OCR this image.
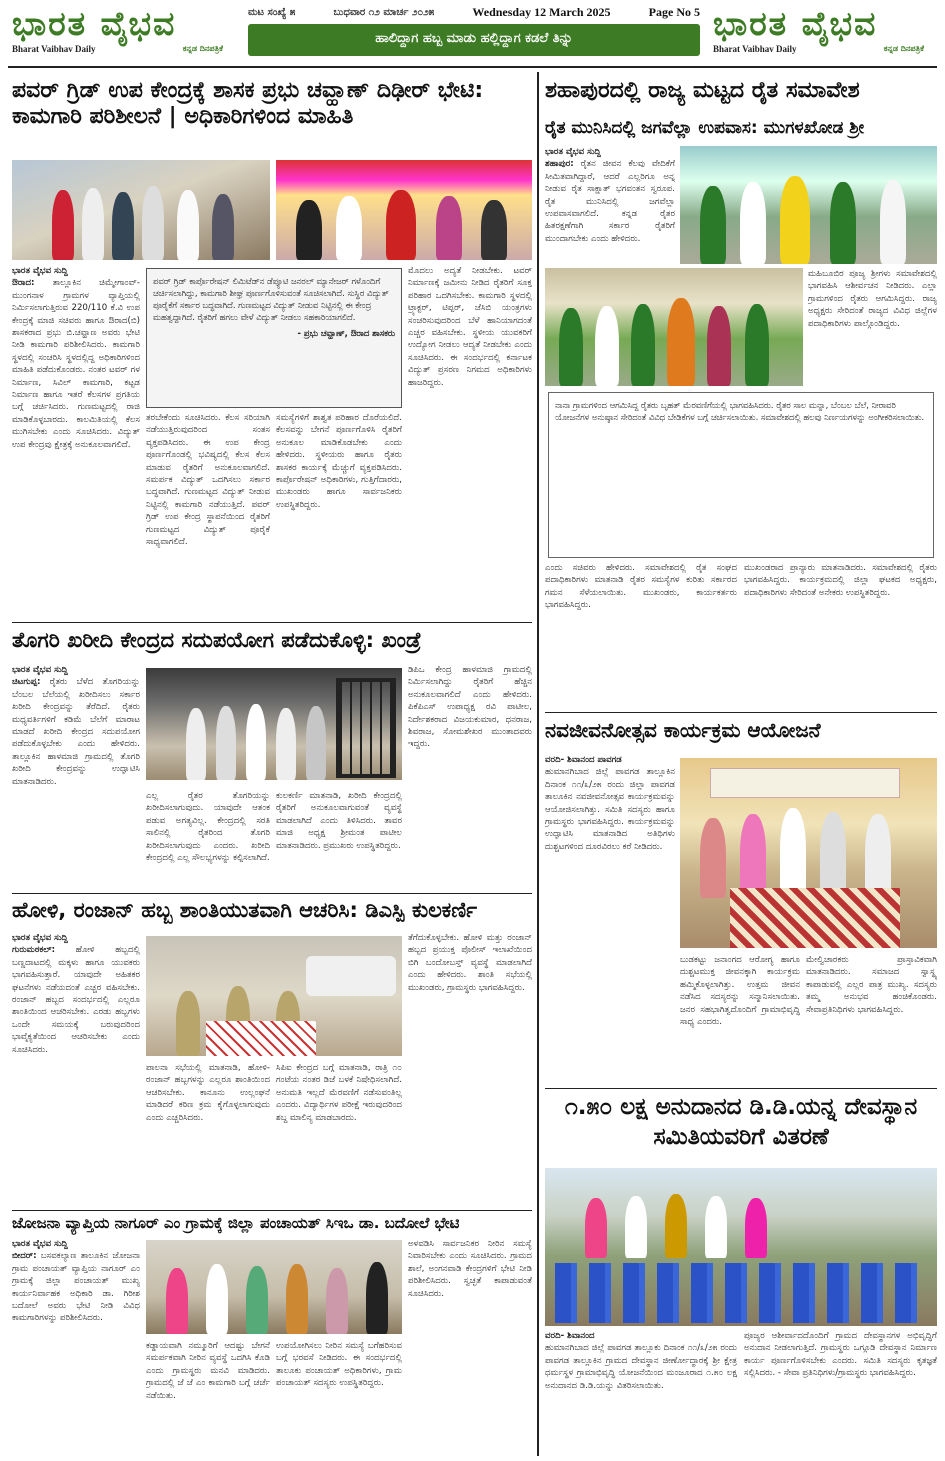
ಭಾರತ ವೈಭವ
Bharat Vaibhav Daily	ಕನ್ನಡ ದಿನಪತ್ರಿಕೆ
ಮಟ ಸಂಖ್ಯೆ ೫	ಬುಧವಾರ ೧೨ ಮಾರ್ಚ ೨೦೨೫	Wednesday 12 March 2025	Page No 5
ಹಾಲಿದ್ದಾಗ ಹಬ್ಬ ಮಾಡು ಹಲ್ಲಿದ್ದಾಗ ಕಡಲೆ ತಿನ್ನು	ಭಾರತ ವೈಭವ
Bharat Vaibhav Daily	ಕನ್ನಡ ದಿನಪತ್ರಿಕೆ
ಪವರ್ ಗ್ರಿಡ್ ಉಪ ಕೇಂದ್ರಕ್ಕೆ ಶಾಸಕ ಪ್ರಭು ಚವ್ಹಾಣ್ ದಿಢೀರ್ ಭೇಟಿ: ಕಾಮಗಾರಿ ಪರಿಶೀಲನೆ | ಅಧಿಕಾರಿಗಳಿಂದ ಮಾಹಿತಿ
ಭಾರತ ವೈಭವ ಸುದ್ದಿ
ಔರಾದ: ತಾಲ್ಲೂಕಿನ ಚಿಮ್ಮೇಗಾಂವ್-ಮುಂಗನಾಳ ಗ್ರಾಮಗಳ ವ್ಯಾಪ್ತಿಯಲ್ಲಿ ನಿರ್ಮಿಸಲಾಗುತ್ತಿರುವ 220/110 ಕೆ.ವಿ ಉಪ ಕೇಂದ್ರಕ್ಕೆ ಮಾಜಿ ಸಚಿವರು ಹಾಗೂ ಔರಾದ(ಬಿ) ಶಾಸಕರಾದ ಪ್ರಭು ಬಿ.ಚವ್ಹಾಣ ಅವರು ಭೇಟಿ ನೀಡಿ ಕಾಮಗಾರಿ ಪರಿಶೀಲಿಸಿದರು. ಕಾಮಗಾರಿ ಸ್ಥಳದಲ್ಲಿ ಸಂಚರಿಸಿ ಸ್ಥಳದಲ್ಲಿದ್ದ ಅಧಿಕಾರಿಗಳಿಂದ ಮಾಹಿತಿ ಪಡೆದುಕೊಂಡರು. ನಂತರ ಟವರ್ ಗಳ ನಿರ್ಮಾಣ, ಸಿವಿಲ್ ಕಾಮಗಾರಿ, ಕಟ್ಟಡ ನಿರ್ಮಾಣ ಹಾಗೂ ಇತರೆ ಕೆಲಸಗಳ ಪ್ರಗತಿಯ ಬಗ್ಗೆ ಚರ್ಚಿಸಿದರು. ಗುಣಮಟ್ಟದಲ್ಲಿ ರಾಜಿ ಮಾಡಿಕೊಳ್ಳಬಾರದು. ಕಾಲಮಿತಿಯಲ್ಲಿ ಕೆಲಸ ಮುಗಿಸಬೇಕು ಎಂದು ಸೂಚಿಸಿದರು. ವಿದ್ಯುತ್ ಉಪ ಕೇಂದ್ರವು ಕ್ಷೇತ್ರಕ್ಕೆ ಅನುಕೂಲವಾಗಲಿದೆ.
ಪವರ್ ಗ್ರಿಡ್ ಕಾರ್ಪೊರೇಷನ್ ಲಿಮಿಟೆಡ್‌ನ ಡೆಪ್ಯೂಟಿ ಜನರಲ್ ಮ್ಯಾನೇಜರ್ ಗಳೊಂದಿಗೆ ಚರ್ಚಿಸಲಾಗಿದ್ದು, ಕಾಮಗಾರಿ ಶೀಘ್ರ ಪೂರ್ಣಗೊಳಿಸುವಂತೆ ಸೂಚಿಸಲಾಗಿದೆ. ಸುಸ್ಥಿರ ವಿದ್ಯುತ್ ಪೂರೈಕೆಗೆ ಸರ್ಕಾರ ಬದ್ಧವಾಗಿದೆ. ಗುಣಮಟ್ಟದ ವಿದ್ಯುತ್ ನೀಡುವ ನಿಟ್ಟಿನಲ್ಲಿ ಈ ಕೇಂದ್ರ ಮಹತ್ವದ್ದಾಗಿದೆ. ರೈತರಿಗೆ ಹಗಲು ವೇಳೆ ವಿದ್ಯುತ್ ನೀಡಲು ಸಹಕಾರಿಯಾಗಲಿದೆ.
- ಪ್ರಭು ಚವ್ಹಾಣ್, ಔರಾದ ಶಾಸಕರು
ತರಬೇಕೆಂದು ಸೂಚಿಸಿದರು. ಕೆಲಸ ಸರಿಯಾಗಿ ನಡೆಯುತ್ತಿರುವುದರಿಂದ ಸಂತಸ ವ್ಯಕ್ತಪಡಿಸಿದರು. ಈ ಉಪ ಕೇಂದ್ರ ಪೂರ್ಣಗೊಂಡಲ್ಲಿ ಭವಿಷ್ಯದಲ್ಲಿ ಕೆಲಸ ಕೆಲಸ ಮಾಡುವ ರೈತರಿಗೆ ಅನುಕೂಲವಾಗಲಿದೆ. ಸಮರ್ಪಕ ವಿದ್ಯುತ್ ಒದಗಿಸಲು ಸರ್ಕಾರ ಬದ್ಧವಾಗಿದೆ. ಗುಣಮಟ್ಟದ ವಿದ್ಯುತ್ ನೀಡುವ ನಿಟ್ಟಿನಲ್ಲಿ ಕಾಮಗಾರಿ ನಡೆಯುತ್ತಿದೆ. ಪವರ್ ಗ್ರಿಡ್ ಉಪ ಕೇಂದ್ರ ಸ್ಥಾಪನೆಯಿಂದ ರೈತರಿಗೆ ಗುಣಮಟ್ಟದ ವಿದ್ಯುತ್ ಪೂರೈಕೆ ಸಾಧ್ಯವಾಗಲಿದೆ.
ಸಮಸ್ಯೆಗಳಿಗೆ ಶಾಶ್ವತ ಪರಿಹಾರ ದೊರೆಯಲಿದೆ. ಕೆಲಸವನ್ನು ಬೇಗನೆ ಪೂರ್ಣಗೊಳಿಸಿ ರೈತರಿಗೆ ಅನುಕೂಲ ಮಾಡಿಕೊಡಬೇಕು ಎಂದು ಹೇಳಿದರು. ಸ್ಥಳೀಯರು ಹಾಗೂ ರೈತರು ಶಾಸಕರ ಕಾರ್ಯಕ್ಕೆ ಮೆಚ್ಚುಗೆ ವ್ಯಕ್ತಪಡಿಸಿದರು. ಕಾರ್ಪೊರೇಷನ್ ಅಧಿಕಾರಿಗಳು, ಗುತ್ತಿಗೆದಾರರು, ಮುಖಂಡರು ಹಾಗೂ ಸಾರ್ವಜನಿಕರು ಉಪಸ್ಥಿತರಿದ್ದರು.
ಮೊದಲು ಅದ್ಯತೆ ನೀಡಬೇಕು. ಟವರ್ ನಿರ್ಮಾಣಕ್ಕೆ ಜಮೀನು ನೀಡಿದ ರೈತರಿಗೆ ಸೂಕ್ತ ಪರಿಹಾರ ಒದಗಿಸಬೇಕು. ಕಾಮಗಾರಿ ಸ್ಥಳದಲ್ಲಿ ಟ್ರ್ಯಾಕ್ಟರ್, ಟಿಪ್ಪರ್, ಜೆಸಿಬಿ ಯಂತ್ರಗಳು ಸಂಚರಿಸುವುದರಿಂದ ಬೆಳೆ ಹಾನಿಯಾಗದಂತೆ ಎಚ್ಚರ ವಹಿಸಬೇಕು. ಸ್ಥಳೀಯ ಯುವಕರಿಗೆ ಉದ್ಯೋಗ ನೀಡಲು ಆದ್ಯತೆ ನೀಡಬೇಕು ಎಂದು ಸೂಚಿಸಿದರು. ಈ ಸಂದರ್ಭದಲ್ಲಿ ಕರ್ನಾಟಕ ವಿದ್ಯುತ್ ಪ್ರಸರಣ ನಿಗಮದ ಅಧಿಕಾರಿಗಳು ಹಾಜರಿದ್ದರು.
ತೊಗರಿ ಖರೀದಿ ಕೇಂದ್ರದ ಸದುಪಯೋಗ ಪಡೆದುಕೊಳ್ಳಿ: ಖಂಡ್ರೆ
ಭಾರತ ವೈಭವ ಸುದ್ದಿ
ಚಿಟಗುಪ್ಪ: ರೈತರು ಬೆಳೆದ ತೊಗರಿಯನ್ನು ಬೆಂಬಲ ಬೆಲೆಯಲ್ಲಿ ಖರೀದಿಸಲು ಸರ್ಕಾರ ಖರೀದಿ ಕೇಂದ್ರವನ್ನು ತೆರೆದಿದೆ. ರೈತರು ಮಧ್ಯವರ್ತಿಗಳಿಗೆ ಕಡಿಮೆ ಬೆಲೆಗೆ ಮಾರಾಟ ಮಾಡದೆ ಖರೀದಿ ಕೇಂದ್ರದ ಸದುಪಯೋಗ ಪಡೆದುಕೊಳ್ಳಬೇಕು ಎಂದು ಹೇಳಿದರು. ತಾಲ್ಲೂಕಿನ ಹಾಳಮಾಜಿ ಗ್ರಾಮದಲ್ಲಿ ತೊಗರಿ ಖರೀದಿ ಕೇಂದ್ರವನ್ನು ಉದ್ಘಾಟಿಸಿ ಮಾತನಾಡಿದರು.
ಎಲ್ಲ ರೈತರ ತೊಗರಿಯನ್ನು ಖರೀದಿಸಲಾಗುವುದು. ಯಾವುದೇ ಆತಂಕ ಪಡುವ ಅಗತ್ಯವಿಲ್ಲ. ಕೇಂದ್ರದಲ್ಲಿ ಸರತಿ ಸಾಲಿನಲ್ಲಿ ರೈತರಿಂದ ತೊಗರಿ ಖರೀದಿಸಲಾಗುವುದು ಎಂದರು. ಖರೀದಿ ಕೇಂದ್ರದಲ್ಲಿ ಎಲ್ಲ ಸೌಲಭ್ಯಗಳನ್ನು ಕಲ್ಪಿಸಲಾಗಿದೆ.
ಕುಲಕರ್ಣಿ ಮಾತನಾಡಿ, ಖರೀದಿ ಕೇಂದ್ರದಲ್ಲಿ ರೈತರಿಗೆ ಅನುಕೂಲವಾಗುವಂತೆ ವ್ಯವಸ್ಥೆ ಮಾಡಲಾಗಿದೆ ಎಂದು ತಿಳಿಸಿದರು. ತಾವರ ಮಾಜಿ ಅಧ್ಯಕ್ಷ ಶ್ರೀಮಂತ ಪಾಟೀಲ ಮಾತನಾಡಿದರು. ಪ್ರಮುಖರು ಉಪಸ್ಥಿತರಿದ್ದರು.
ಡಿಪಿಒ ಕೇಂದ್ರ ಹಾಳಮಾಜಿ ಗ್ರಾಮದಲ್ಲಿ ನಿರ್ಮಿಸಲಾಗಿದ್ದು ರೈತರಿಗೆ ಹೆಚ್ಚಿನ ಅನುಕೂಲವಾಗಲಿದೆ ಎಂದು ಹೇಳಿದರು. ಪಿಕೆಪಿಎಸ್ ಉಪಾಧ್ಯಕ್ಷ ರವಿ ಪಾಟೀಲ, ನಿರ್ದೇಶಕರಾದ ವಿಜಯಕುಮಾರ, ಧನರಾಜ, ಶಿವರಾಜ, ಸೋಮಶೇಖರ ಮುಂತಾದವರು ಇದ್ದರು.
ಹೋಳಿ, ರಂಜಾನ್ ಹಬ್ಬ ಶಾಂತಿಯುತವಾಗಿ ಆಚರಿಸಿ: ಡಿಎಸ್ಪಿ ಕುಲಕರ್ಣಿ
ಭಾರತ ವೈಭವ ಸುದ್ದಿ
ಗುರುಮಠಕಲ್: ಹೋಳಿ ಹಬ್ಬದಲ್ಲಿ ಬಣ್ಣದಾಟದಲ್ಲಿ ಮಕ್ಕಳು ಹಾಗೂ ಯುವಕರು ಭಾಗವಹಿಸುತ್ತಾರೆ. ಯಾವುದೇ ಅಹಿತಕರ ಘಟನೆಗಳು ನಡೆಯದಂತೆ ಎಚ್ಚರ ವಹಿಸಬೇಕು. ರಂಜಾನ್ ಹಬ್ಬದ ಸಂದರ್ಭದಲ್ಲಿ ಎಲ್ಲರೂ ಶಾಂತಿಯಿಂದ ಆಚರಿಸಬೇಕು. ಎರಡು ಹಬ್ಬಗಳು ಒಂದೇ ಸಮಯಕ್ಕೆ ಬರುವುದರಿಂದ ಭಾವೈಕ್ಯತೆಯಿಂದ ಆಚರಿಸಬೇಕು ಎಂದು ಸೂಚಿಸಿದರು.
ಪಾಲನಾ ಸಭೆಯಲ್ಲಿ ಮಾತನಾಡಿ, ಹೋಳಿ-ರಂಜಾನ್ ಹಬ್ಬಗಳನ್ನು ಎಲ್ಲರೂ ಶಾಂತಿಯಿಂದ ಆಚರಿಸಬೇಕು. ಕಾನೂನು ಉಲ್ಲಂಘನೆ ಮಾಡಿದರೆ ಕಠಿಣ ಕ್ರಮ ಕೈಗೊಳ್ಳಲಾಗುವುದು ಎಂದು ಎಚ್ಚರಿಸಿದರು.
ಸಿಪಿಐ ಕೇಂದ್ರದ ಬಗ್ಗೆ ಮಾತನಾಡಿ, ರಾತ್ರಿ ೧೦ ಗಂಟೆಯ ನಂತರ ಡಿಜೆ ಬಳಕೆ ನಿಷೇಧಿಸಲಾಗಿದೆ. ಅನುಮತಿ ಇಲ್ಲದೆ ಮೆರವಣಿಗೆ ನಡೆಸುವಂತಿಲ್ಲ ಎಂದರು. ವಿದ್ಯಾರ್ಥಿಗಳ ಪರೀಕ್ಷೆ ಇರುವುದರಿಂದ ಶಬ್ದ ಮಾಲಿನ್ಯ ಮಾಡಬಾರದು.
ತೆಗೆದುಕೊಳ್ಳಬೇಕು. ಹೋಳಿ ಮತ್ತು ರಂಜಾನ್ ಹಬ್ಬದ ಪ್ರಯುಕ್ತ ಪೊಲೀಸ್ ಇಲಾಖೆಯಿಂದ ಬಿಗಿ ಬಂದೋಬಸ್ತ್ ವ್ಯವಸ್ಥೆ ಮಾಡಲಾಗಿದೆ ಎಂದು ಹೇಳಿದರು. ಶಾಂತಿ ಸಭೆಯಲ್ಲಿ ಮುಖಂಡರು, ಗ್ರಾಮಸ್ಥರು ಭಾಗವಹಿಸಿದ್ದರು.
ಜೋಜನಾ ವ್ಯಾಪ್ತಿಯ ನಾಗೂರ್ ಎಂ ಗ್ರಾಮಕ್ಕೆ ಜಿಲ್ಲಾ ಪಂಚಾಯತ್ ಸಿಇಒ ಡಾ. ಬದೋಲೆ ಭೇಟಿ
ಭಾರತ ವೈಭವ ಸುದ್ದಿ
ಬೀದರ್: ಬಸವಕಲ್ಯಾಣ ತಾಲೂಕಿನ ಜೋಜನಾ ಗ್ರಾಮ ಪಂಚಾಯತ್ ವ್ಯಾಪ್ತಿಯ ನಾಗೂರ್ ಎಂ ಗ್ರಾಮಕ್ಕೆ ಜಿಲ್ಲಾ ಪಂಚಾಯತ್ ಮುಖ್ಯ ಕಾರ್ಯನಿರ್ವಾಹಕ ಅಧಿಕಾರಿ ಡಾ. ಗಿರೀಶ ಬದೋಲೆ ಅವರು ಭೇಟಿ ನೀಡಿ ವಿವಿಧ ಕಾಮಗಾರಿಗಳನ್ನು ಪರಿಶೀಲಿಸಿದರು.
ಕಡ್ಡಾಯವಾಗಿ ನಮ್ಮೂರಿಗೆ ಆದಷ್ಟು ಬೇಗನೆ ಸಮರ್ಪಕವಾಗಿ ನೀರಿನ ವ್ಯವಸ್ಥೆ ಒದಗಿಸಿ ಕೊಡಿ ಎಂದು ಗ್ರಾಮಸ್ಥರು ಮನವಿ ಮಾಡಿದರು. ಗ್ರಾಮದಲ್ಲಿ ಜೆ ಜೆ ಎಂ ಕಾಮಗಾರಿ ಬಗ್ಗೆ ಚರ್ಚೆ ನಡೆಯಿತು.
ಉಪಯೋಗಿಸಲು ನೀರಿನ ಸಮಸ್ಯೆ ಬಗೆಹರಿಸುವ ಬಗ್ಗೆ ಭರವಸೆ ನೀಡಿದರು. ಈ ಸಂದರ್ಭದಲ್ಲಿ ತಾಲೂಕು ಪಂಚಾಯತ್ ಅಧಿಕಾರಿಗಳು, ಗ್ರಾಮ ಪಂಚಾಯತ್ ಸದಸ್ಯರು ಉಪಸ್ಥಿತರಿದ್ದರು.
ಅಳವಡಿಸಿ ಸಾರ್ವಜನಿಕರ ನೀರಿನ ಸಮಸ್ಯೆ ನಿವಾರಿಸಬೇಕು ಎಂದು ಸೂಚಿಸಿದರು. ಗ್ರಾಮದ ಶಾಲೆ, ಅಂಗನವಾಡಿ ಕೇಂದ್ರಗಳಿಗೆ ಭೇಟಿ ನೀಡಿ ಪರಿಶೀಲಿಸಿದರು. ಸ್ವಚ್ಛತೆ ಕಾಪಾಡುವಂತೆ ಸೂಚಿಸಿದರು.
ಶಹಾಪುರದಲ್ಲಿ ರಾಜ್ಯ ಮಟ್ಟದ ರೈತ ಸಮಾವೇಶ
ರೈತ ಮುನಿಸಿದಲ್ಲಿ ಜಗವೆಲ್ಲಾ ಉಪವಾಸ: ಮುಗಳಖೋಡ ಶ್ರೀ
ಭಾರತ ವೈಭವ ಸುದ್ದಿ
ಶಹಾಪುರ: ರೈತನ ಜೀವನ ಕೆಲವು ವೇದಿಕೆಗೆ ಸೀಮಿತವಾಗಿದ್ದಾರೆ, ಆದರೆ ಎಲ್ಲರಿಗೂ ಅನ್ನ ನೀಡುವ ರೈತ ಸಾಕ್ಷಾತ್ ಭಗವಂತನ ಸ್ವರೂಪ. ರೈತ ಮುನಿಸಿದಲ್ಲಿ ಜಗವೆಲ್ಲಾ ಉಪವಾಸವಾಗಲಿದೆ. ಕನ್ನಡ ರೈತರ ಹಿತರಕ್ಷಣೆಗಾಗಿ ಸರ್ಕಾರ ರೈತರಿಗೆ ಮುಂದಾಗಬೇಕು ಎಂದು ಹೇಳಿದರು.
ಮಹಿಬೂಬಿರ ಪೂಜ್ಯ ಶ್ರೀಗಳು ಸಮಾವೇಶದಲ್ಲಿ ಭಾಗವಹಿಸಿ ಆಶೀರ್ವಚನ ನೀಡಿದರು. ಎಲ್ಲಾ ಗ್ರಾಮಗಳಿಂದ ರೈತರು ಆಗಮಿಸಿದ್ದರು. ರಾಜ್ಯ ಅಧ್ಯಕ್ಷರು ಸೇರಿದಂತೆ ರಾಜ್ಯದ ವಿವಿಧ ಜಿಲ್ಲೆಗಳ ಪದಾಧಿಕಾರಿಗಳು ಪಾಲ್ಗೊಂಡಿದ್ದರು.
ನಾನಾ ಗ್ರಾಮಗಳಿಂದ ಆಗಮಿಸಿದ್ದ ರೈತರು ಬೃಹತ್ ಮೆರವಣಿಗೆಯಲ್ಲಿ ಭಾಗವಹಿಸಿದರು. ರೈತರ ಸಾಲ ಮನ್ನಾ, ಬೆಂಬಲ ಬೆಲೆ, ನೀರಾವರಿ ಯೋಜನೆಗಳ ಅನುಷ್ಠಾನ ಸೇರಿದಂತೆ ವಿವಿಧ ಬೇಡಿಕೆಗಳ ಬಗ್ಗೆ ಚರ್ಚಿಸಲಾಯಿತು. ಸಮಾವೇಶದಲ್ಲಿ ಹಲವು ನಿರ್ಣಯಗಳನ್ನು ಅಂಗೀಕರಿಸಲಾಯಿತು.
ಎಂದು ಸಚಿವರು ಹೇಳಿದರು. ಸಮಾವೇಶದಲ್ಲಿ ರೈತ ಸಂಘದ ಪದಾಧಿಕಾರಿಗಳು ಮಾತನಾಡಿ ರೈತರ ಸಮಸ್ಯೆಗಳ ಕುರಿತು ಸರ್ಕಾರದ ಗಮನ ಸೆಳೆಯಲಾಯಿತು. ಮುಖಂಡರು, ಕಾರ್ಯಕರ್ತರು ಭಾಗವಹಿಸಿದ್ದರು.
ಮುಖಂಡರಾದ ಪ್ರಾನ್ಯಾರು ಮಾತನಾಡಿದರು. ಸಮಾವೇಶದಲ್ಲಿ ರೈತರು ಭಾಗವಹಿಸಿದ್ದರು. ಕಾರ್ಯಕ್ರಮದಲ್ಲಿ ಜಿಲ್ಲಾ ಘಟಕದ ಅಧ್ಯಕ್ಷರು, ಪದಾಧಿಕಾರಿಗಳು ಸೇರಿದಂತೆ ಅನೇಕರು ಉಪಸ್ಥಿತರಿದ್ದರು.
ನವಜೀವನೋತ್ಸವ ಕಾರ್ಯಕ್ರಮ ಆಯೋಜನೆ
ವರದಿ- ಶಿವಾನಂದ ಪಾವಗಡ
ಹುಮಾನಗಿಬಾದ ಜಿಲ್ಲೆ ಪಾವಗಡ ತಾಲ್ಲೂಕಿನ ದಿನಾಂಕ ೧೧/೩/೨೫ ರಂದು ಜಿಲ್ಲಾ ಪಾವಗಡ ತಾಲೂಕಿನ ನವಜೀವನೋತ್ಸವ ಕಾರ್ಯಕ್ರಮವನ್ನು ಆಯೋಜಿಸಲಾಗಿತ್ತು. ಸಮಿತಿ ಸದಸ್ಯರು ಹಾಗೂ ಗ್ರಾಮಸ್ಥರು ಭಾಗವಹಿಸಿದ್ದರು. ಕಾರ್ಯಕ್ರಮವನ್ನು ಉದ್ಘಾಟಿಸಿ ಮಾತನಾಡಿದ ಅತಿಥಿಗಳು ದುಶ್ಚಟಗಳಿಂದ ದೂರವಿರಲು ಕರೆ ನೀಡಿದರು.
ಬುಡಕಟ್ಟು ಜನಾಂಗದ ಆರೋಗ್ಯ ಹಾಗೂ ದುಶ್ಚಟಮುಕ್ತ ಜೀವನಕ್ಕಾಗಿ ಕಾರ್ಯಕ್ರಮ ಹಮ್ಮಿಕೊಳ್ಳಲಾಗಿತ್ತು. ಉತ್ತಮ ಜೀವನ ನಡೆಸಿದ ಸದಸ್ಯರನ್ನು ಸನ್ಮಾನಿಸಲಾಯಿತು. ಜನರ ಸಹಭಾಗಿತ್ವದೊಂದಿಗೆ ಗ್ರಾಮಾಭಿವೃದ್ಧಿ ಸಾಧ್ಯ ಎಂದರು.
ಮೇಲ್ವಿಚಾರಕರು ಪ್ರಾಸ್ತಾವಿಕವಾಗಿ ಮಾತನಾಡಿದರು. ಸಮಾಜದ ಸ್ವಾಸ್ಥ್ಯ ಕಾಪಾಡುವಲ್ಲಿ ಎಲ್ಲರ ಪಾತ್ರ ಮುಖ್ಯ. ಸದಸ್ಯರು ತಮ್ಮ ಅನುಭವ ಹಂಚಿಕೊಂಡರು. ಸೇವಾಪ್ರತಿನಿಧಿಗಳು ಭಾಗವಹಿಸಿದ್ದರು.
೧.೫೦ ಲಕ್ಷ ಅನುದಾನದ ಡಿ.ಡಿ.ಯನ್ನ ದೇವಸ್ಥಾನ ಸಮಿತಿಯವರಿಗೆ ವಿತರಣೆ
ವರದಿ- ಶಿವಾನಂದ
ಹುಮಾನಗಿಬಾದ ಜಿಲ್ಲೆ ಪಾವಗಡ ತಾಲ್ಲೂಕು ದಿನಾಂಕ ೧೧/೩/೨೫ ರಂದು ಪಾವಗಡ ತಾಲ್ಲೂಕಿನ ಗ್ರಾಮದ ದೇವಸ್ಥಾನ ಜೀರ್ಣೋದ್ಧಾರಕ್ಕೆ ಶ್ರೀ ಕ್ಷೇತ್ರ ಧರ್ಮಸ್ಥಳ ಗ್ರಾಮಾಭಿವೃದ್ಧಿ ಯೋಜನೆಯಿಂದ ಮಂಜೂರಾದ ೧.೫೦ ಲಕ್ಷ ಅನುದಾನದ ಡಿ.ಡಿ.ಯನ್ನು ವಿತರಿಸಲಾಯಿತು.
ಪೂಜ್ಯರ ಆಶೀರ್ವಾದದೊಂದಿಗೆ ಗ್ರಾಮದ ದೇವಸ್ಥಾನಗಳ ಅಭಿವೃದ್ಧಿಗೆ ಅನುದಾನ ನೀಡಲಾಗುತ್ತಿದೆ. ಗ್ರಾಮಸ್ಥರು ಒಗ್ಗೂಡಿ ದೇವಸ್ಥಾನ ನಿರ್ಮಾಣ ಕಾರ್ಯ ಪೂರ್ಣಗೊಳಿಸಬೇಕು ಎಂದರು. ಸಮಿತಿ ಸದಸ್ಯರು ಕೃತಜ್ಞತೆ ಸಲ್ಲಿಸಿದರು. - ಸೇವಾ ಪ್ರತಿನಿಧಿಗಳು/ಗ್ರಾಮಸ್ಥರು ಭಾಗವಹಿಸಿದ್ದರು.
